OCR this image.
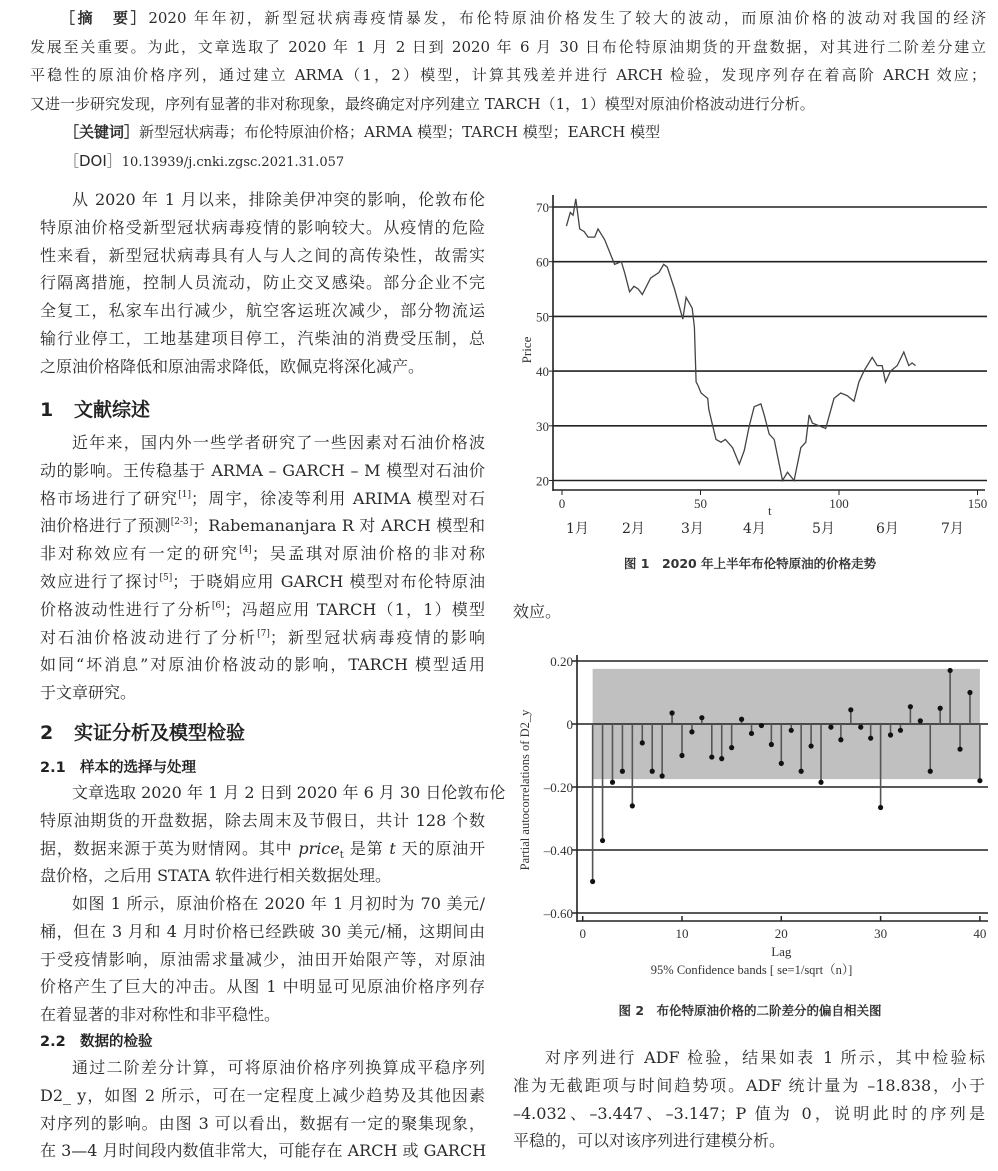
［摘　要］2020 年年初，新型冠状病毒疫情暴发，布伦特原油价格发生了较大的波动，而原油价格的波动对我国的经济
发展至关重要。为此，文章选取了 2020 年 1 月 2 日到 2020 年 6 月 30 日布伦特原油期货的开盘数据，对其进行二阶差分建立
平稳性的原油价格序列，通过建立 ARMA（1，2）模型，计算其残差并进行 ARCH 检验，发现序列存在着高阶 ARCH 效应；
又进一步研究发现，序列有显著的非对称现象，最终确定对序列建立 TARCH（1，1）模型对原油价格波动进行分析。
［关键词］新型冠状病毒；布伦特原油价格；ARMA 模型；TARCH 模型；EARCH 模型
［DOI］10.13939/j.cnki.zgsc.2021.31.057
从 2020 年 1 月以来，排除美伊冲突的影响，伦敦布伦
特原油价格受新型冠状病毒疫情的影响较大。从疫情的危险
性来看，新型冠状病毒具有人与人之间的高传染性，故需实
行隔离措施，控制人员流动，防止交叉感染。部分企业不完
全复工，私家车出行减少，航空客运班次减少，部分物流运
输行业停工，工地基建项目停工，汽柴油的消费受压制，总
之原油价格降低和原油需求降低，欧佩克将深化减产。
1 文献综述
近年来，国内外一些学者研究了一些因素对石油价格波
动的影响。王传稳基于 ARMA – GARCH – M 模型对石油价
格市场进行了研究[1]；周宇，徐凌等利用 ARIMA 模型对石
油价格进行了预测[2-3]；Rabemananjara R 对 ARCH 模型和
非对称效应有一定的研究[4]；吴孟琪对原油价格的非对称
效应进行了探讨[5]；于晓娟应用 GARCH 模型对布伦特原油
价格波动性进行了分析[6]；冯超应用 TARCH（1，1）模型
对石油价格波动进行了分析[7]；新型冠状病毒疫情的影响
如同“坏消息”对原油价格波动的影响，TARCH 模型适用
于文章研究。
2 实证分析及模型检验
2.1 样本的选择与处理
文章选取 2020 年 1 月 2 日到 2020 年 6 月 30 日伦敦布伦
特原油期货的开盘数据，除去周末及节假日，共计 128 个数
据，数据来源于英为财情网。其中 price$_t$ 是第 t 天的原油开
盘价格，之后用 STATA 软件进行相关数据处理。
如图 1 所示，原油价格在 2020 年 1 月初时为 70 美元/
桶，但在 3 月和 4 月时价格已经跌破 30 美元/桶，这期间由
于受疫情影响，原油需求量减少，油田开始限产等，对原油
价格产生了巨大的冲击。从图 1 中明显可见原油价格序列存
在着显著的非对称性和非平稳性。
2.2 数据的检验
通过二阶差分计算，可将原油价格序列换算成平稳序列
D2_ y，如图 2 所示，可在一定程度上减少趋势及其他因素
对序列的影响。由图 3 可以看出，数据有一定的聚集现象，
在 3—4 月时间段内数值非常大，可能存在 ARCH 或 GARCH
20
30
40
50
60
70
0	50	100	150
t
Price
1月 2月	3月	4月	5月	6月	7月
图 1　2020 年上半年布伦特原油的价格走势
效应。
0.20
0
–0.20
–0.40
–0.60
0	10	20	30	40
Lag
95% Confidence bands [ se=1/sqrt（n）]
Partial autocorrelations of D2_y
图 2　布伦特原油价格的二阶差分的偏自相关图
对序列进行 ADF 检验，结果如表 1 所示，其中检验标
准为无截距项与时间趋势项。ADF 统计量为 –18.838，小于
–4.032、–3.447、–3.147；P 值为 0，说明此时的序列是
平稳的，可以对该序列进行建模分析。
